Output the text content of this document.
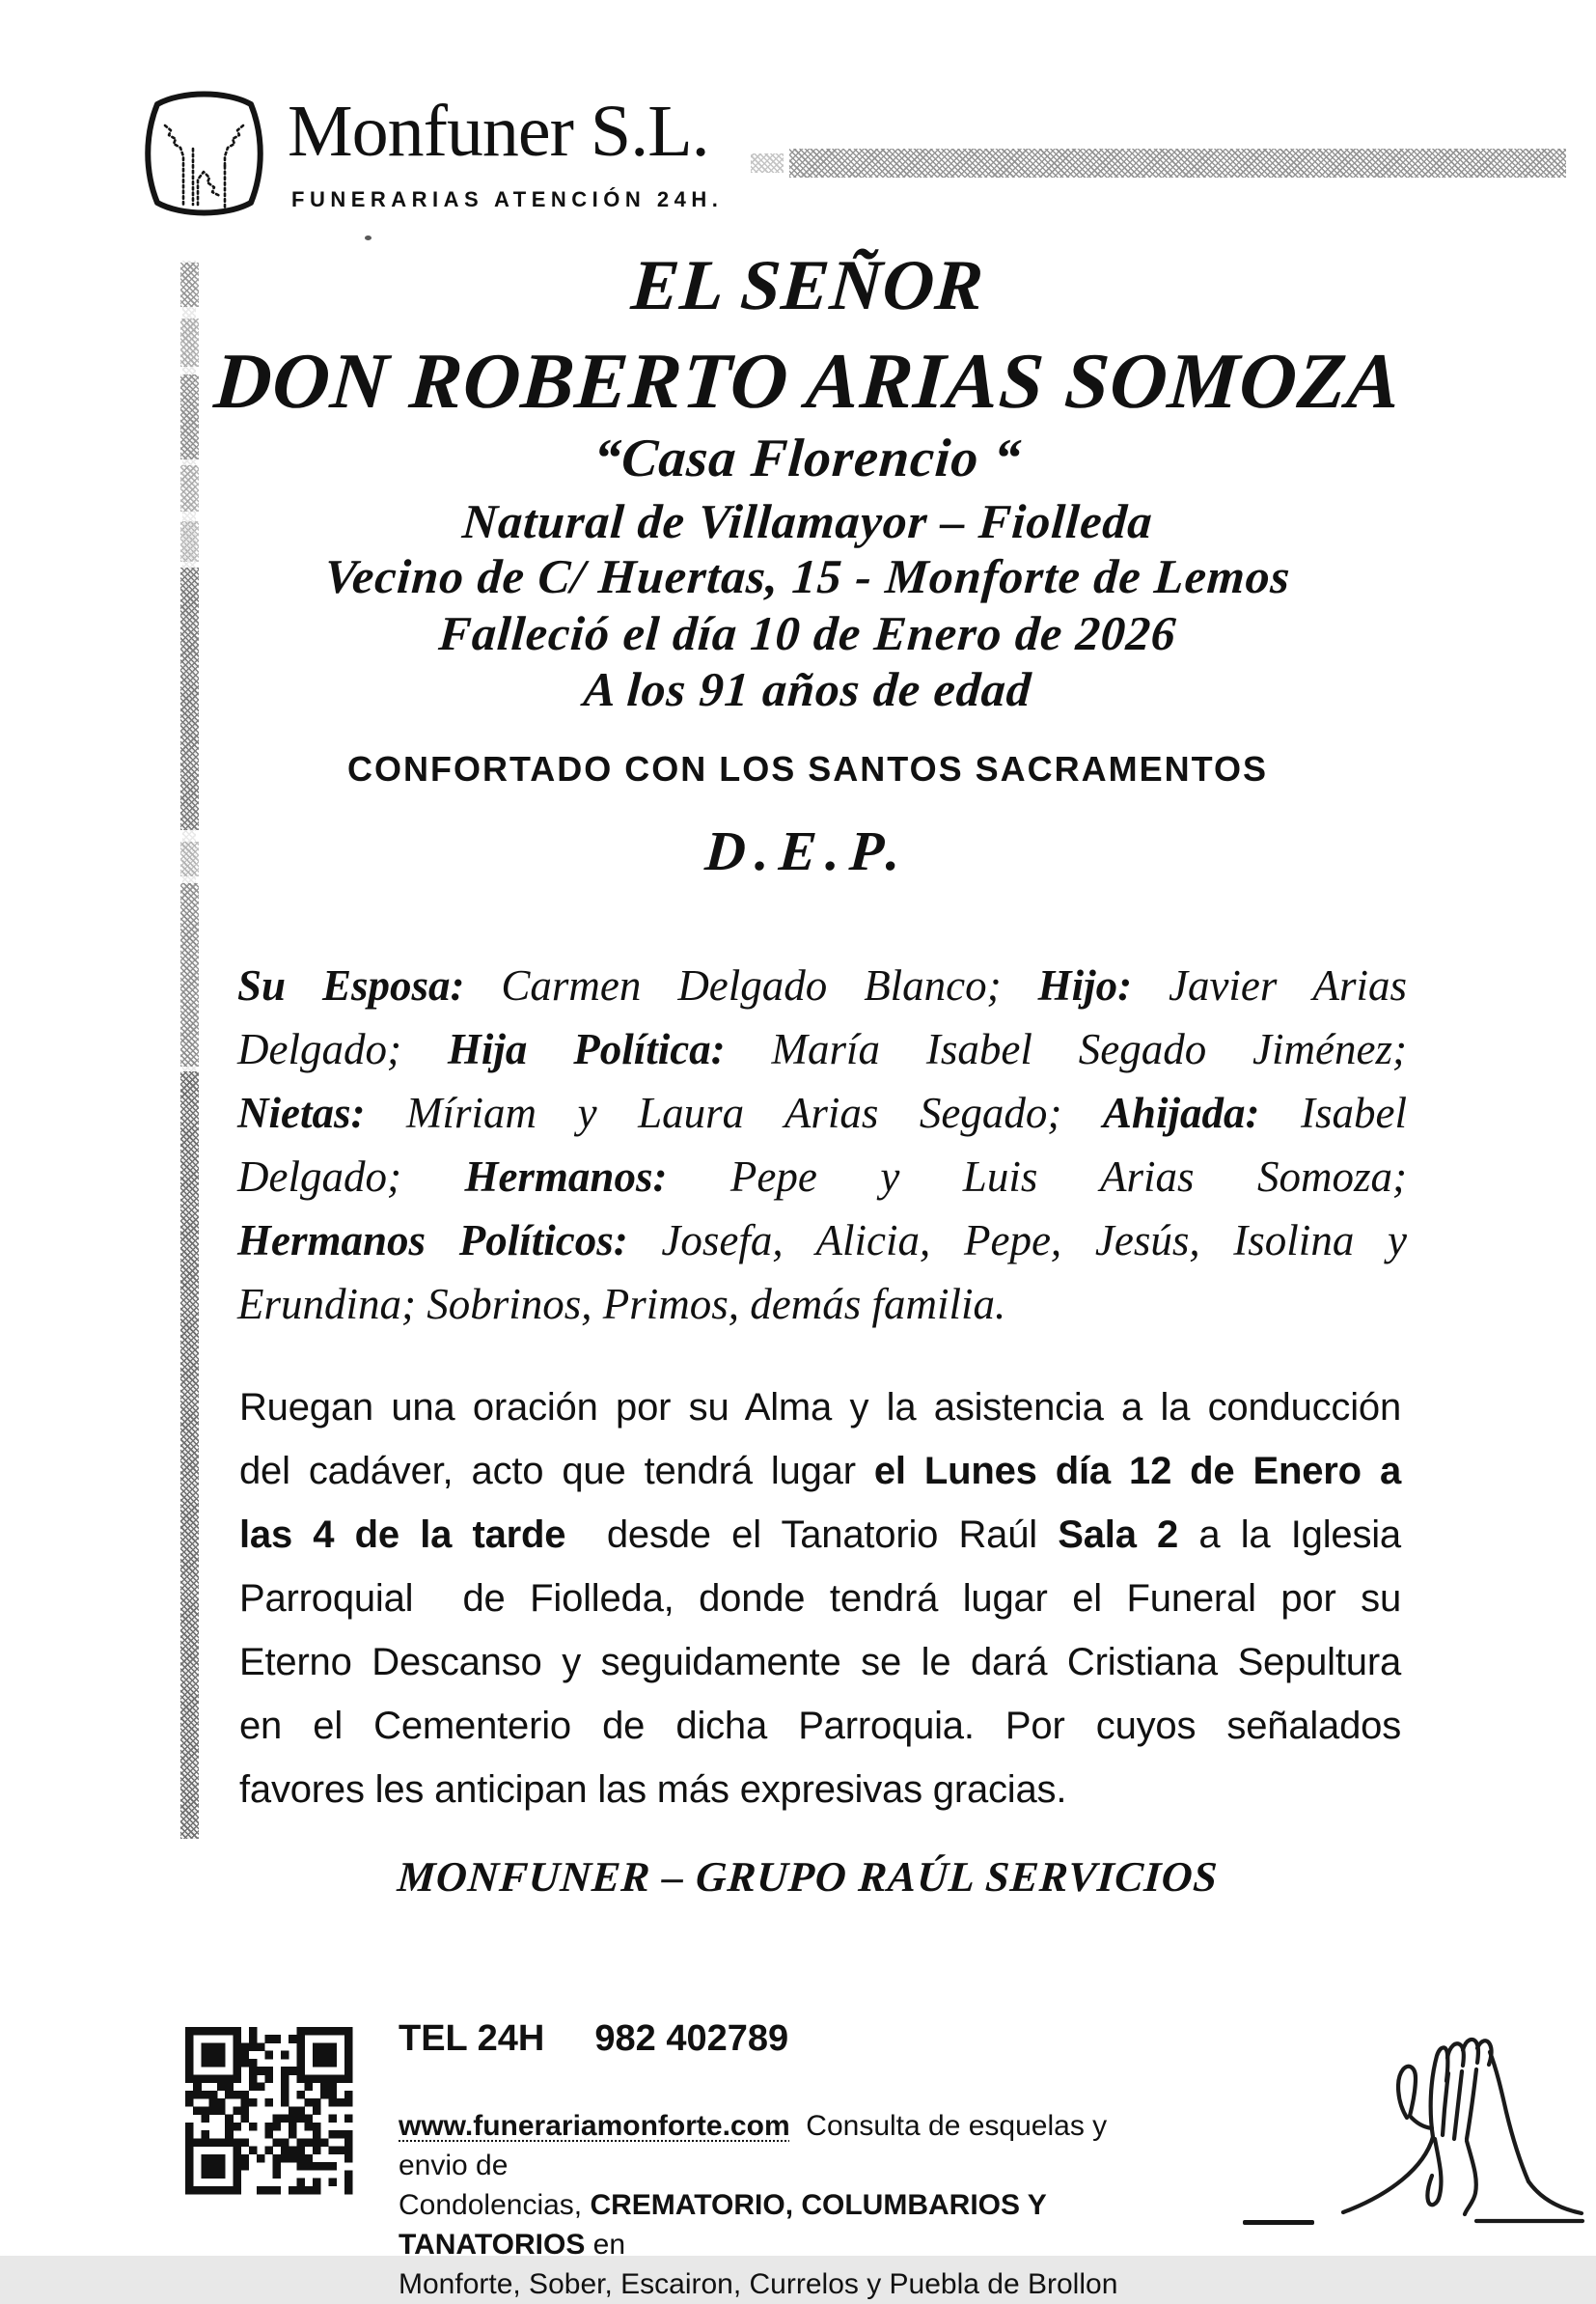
Monfuner S.L.
FUNERARIAS ATENCIÓN 24H.
EL SEÑOR
DON ROBERTO ARIAS SOMOZA
“Casa Florencio “
Natural de Villamayor – Fiolleda
Vecino de C/ Huertas, 15 - Monforte de Lemos
Falleció el día 10 de Enero de 2026
A los 91 años de edad
CONFORTADO CON LOS SANTOS SACRAMENTOS
D.E.P.
Su Esposa: Carmen Delgado Blanco; Hijo: Javier Arias
Delgado; Hija Política: María Isabel Segado Jiménez;
Nietas: Míriam y Laura Arias Segado; Ahijada: Isabel
Delgado; Hermanos: Pepe y Luis Arias Somoza;
Hermanos Políticos: Josefa, Alicia, Pepe, Jesús, Isolina y
Erundina; Sobrinos, Primos, demás familia.
Ruegan una oración por su Alma y la asistencia a la conducción
del cadáver, acto que tendrá lugar el Lunes día 12 de Enero a
las 4 de la tarde  desde el Tanatorio Raúl Sala 2 a la Iglesia
Parroquial  de Fiolleda, donde tendrá lugar el Funeral por su
Eterno Descanso y seguidamente se le dará Cristiana Sepultura
en el Cementerio de dicha Parroquia. Por cuyos señalados
favores les anticipan las más expresivas gracias.
MONFUNER – GRUPO RAÚL SERVICIOS
TEL 24H 982 402789
www.funerariamonforte.com  Consulta de esquelas y envio de
Condolencias, CREMATORIO, COLUMBARIOS Y TANATORIOS en
Monforte, Sober, Escairon, Currelos y Puebla de Brollon
